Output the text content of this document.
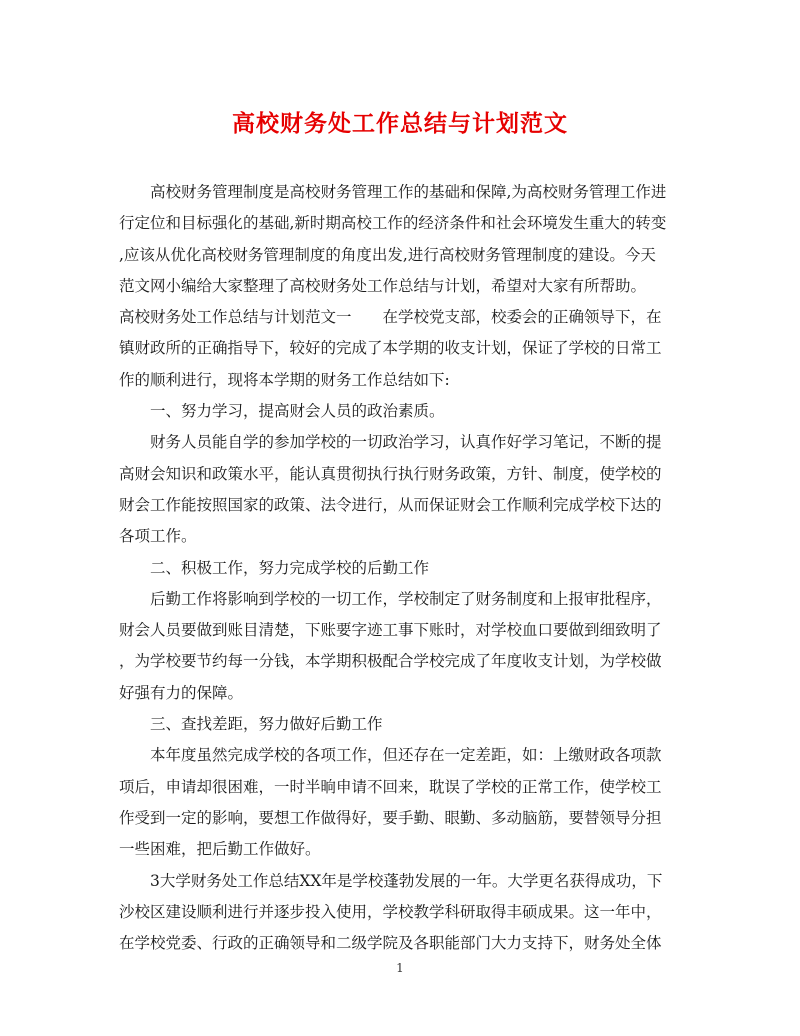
高校财务处工作总结与计划范文
　　高校财务管理制度是高校财务管理工作的基础和保障,为高校财务管理工作进
行定位和目标强化的基础,新时期高校工作的经济条件和社会环境发生重大的转变
,应该从优化高校财务管理制度的角度出发,进行高校财务管理制度的建设。今天
范文网小编给大家整理了高校财务处工作总结与计划，希望对大家有所帮助。
高校财务处工作总结与计划范文一　　在学校党支部，校委会的正确领导下，在
镇财政所的正确指导下，较好的完成了本学期的收支计划，保证了学校的日常工
作的顺利进行，现将本学期的财务工作总结如下:
　　一、努力学习，提高财会人员的政治素质。
　　财务人员能自学的参加学校的一切政治学习，认真作好学习笔记，不断的提
高财会知识和政策水平，能认真贯彻执行执行财务政策，方针、制度，使学校的
财会工作能按照国家的政策、法令进行，从而保证财会工作顺利完成学校下达的
各项工作。
　　二、积极工作，努力完成学校的后勤工作
　　后勤工作将影响到学校的一切工作，学校制定了财务制度和上报审批程序，
财会人员要做到账目清楚，下账要字迹工事下账时，对学校血口要做到细致明了
，为学校要节约每一分钱，本学期积极配合学校完成了年度收支计划，为学校做
好强有力的保障。
　　三、查找差距，努力做好后勤工作
　　本年度虽然完成学校的各项工作，但还存在一定差距，如：上缴财政各项款
项后，申请却很困难，一时半晌申请不回来，耽误了学校的正常工作，使学校工
作受到一定的影响，要想工作做得好，要手勤、眼勤、多动脑筋，要替领导分担
一些困难，把后勤工作做好。
　　3大学财务处工作总结XX年是学校蓬勃发展的一年。大学更名获得成功，下
沙校区建设顺利进行并逐步投入使用，学校教学科研取得丰硕成果。这一年中，
在学校党委、行政的正确领导和二级学院及各职能部门大力支持下，财务处全体
1
